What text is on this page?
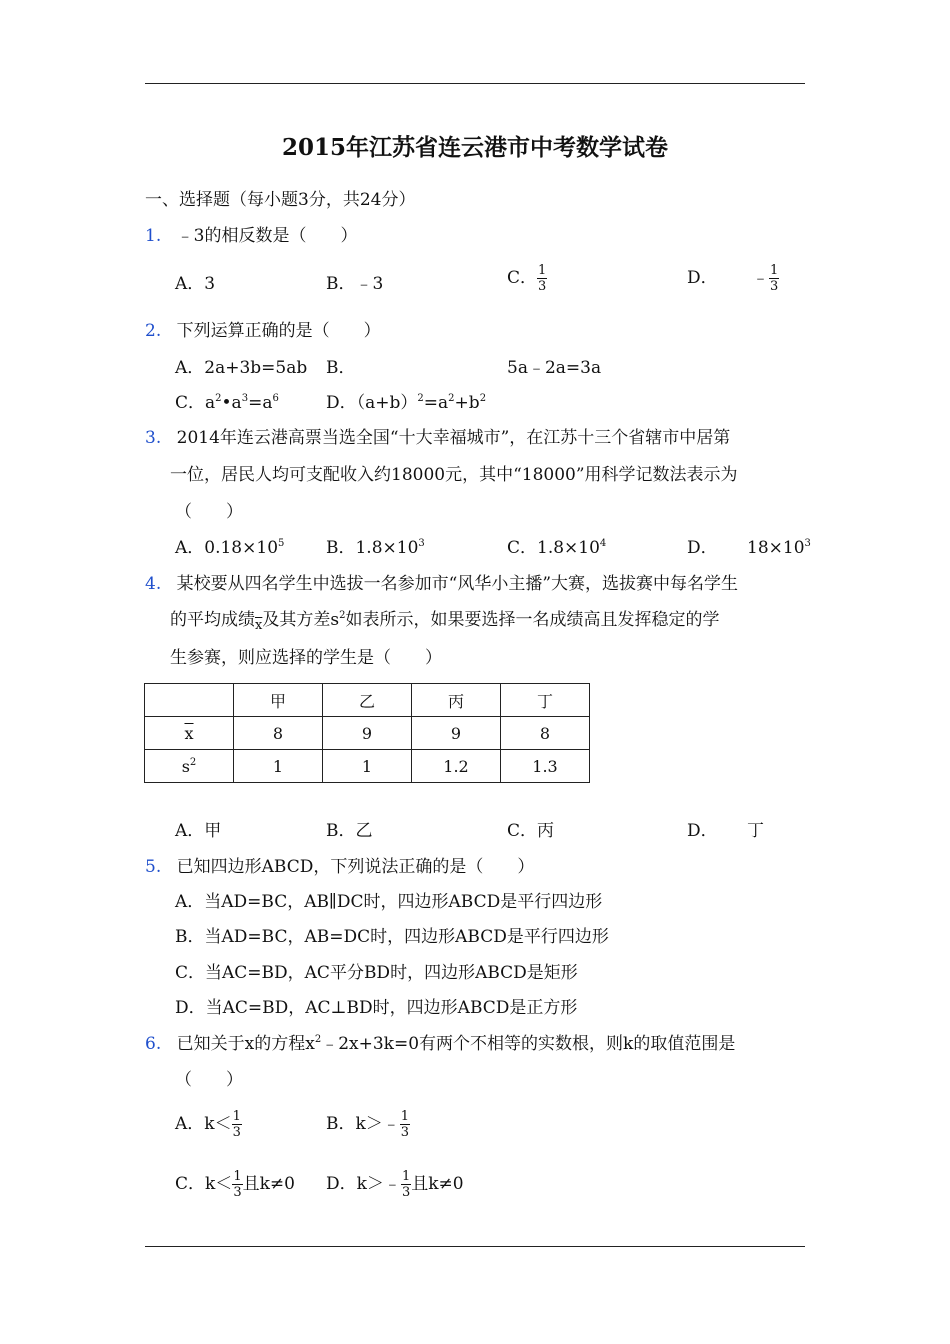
2015年江苏省连云港市中考数学试卷
一、选择题（每小题3分，共24分）
1. ﹣3的相反数是（　　）
A．3	B．﹣3	C． $\frac{1}{3}$	D． ﹣ $\frac{1}{3}$
2. 下列运算正确的是（　　）
A．2a+3b=5ab B．	5a﹣2a=3a
C．$a^2•a^3=a^6$	D．$(a+b)^2=a^2+b^2$
3. 2014年连云港高票当选全国“十大幸福城市”，在江苏十三个省辖市中居第
一位，居民人均可支配收入约18000元，其中“18000”用科学记数法表示为
（　　）
A．$0.18\times 10^5$ B．$1.8\times 10^3$	C．$1.8\times 10^4$	D． $18\times 10^3$
4. 某校要从四名学生中选拔一名参加市“风华小主播”大赛，选拔赛中每名学生
的平均成绩$_{\overline{x}}$及其方差$s^2$如表所示，如果要选择一名成绩高且发挥稳定的学
生参赛，则应选择的学生是（　　）
	甲	乙	丙	丁
$\overline{x}$	8	9	9	8
$s^2$	1	1	1.2	1.3
A．甲	B．乙	C．丙	D． 丁
5. 已知四边形ABCD，下列说法正确的是（　　）
A．当AD=BC，AB∥DC时，四边形ABCD是平行四边形
B．当AD=BC，AB=DC时，四边形ABCD是平行四边形
C．当AC=BD，AC平分BD时，四边形ABCD是矩形
D．当AC=BD，AC⊥BD时，四边形ABCD是正方形
6. 已知关于x的方程$x^2﹣2x+3k=0$有两个不相等的实数根，则k的取值范围是
（　　）
A．$k< \frac{1}{3}$	B．k＞﹣ $\frac{1}{3}$
C．$k< \frac{1}{3}$ 且k≠0 D．k＞﹣ $\frac{1}{3}$ 且k≠0
